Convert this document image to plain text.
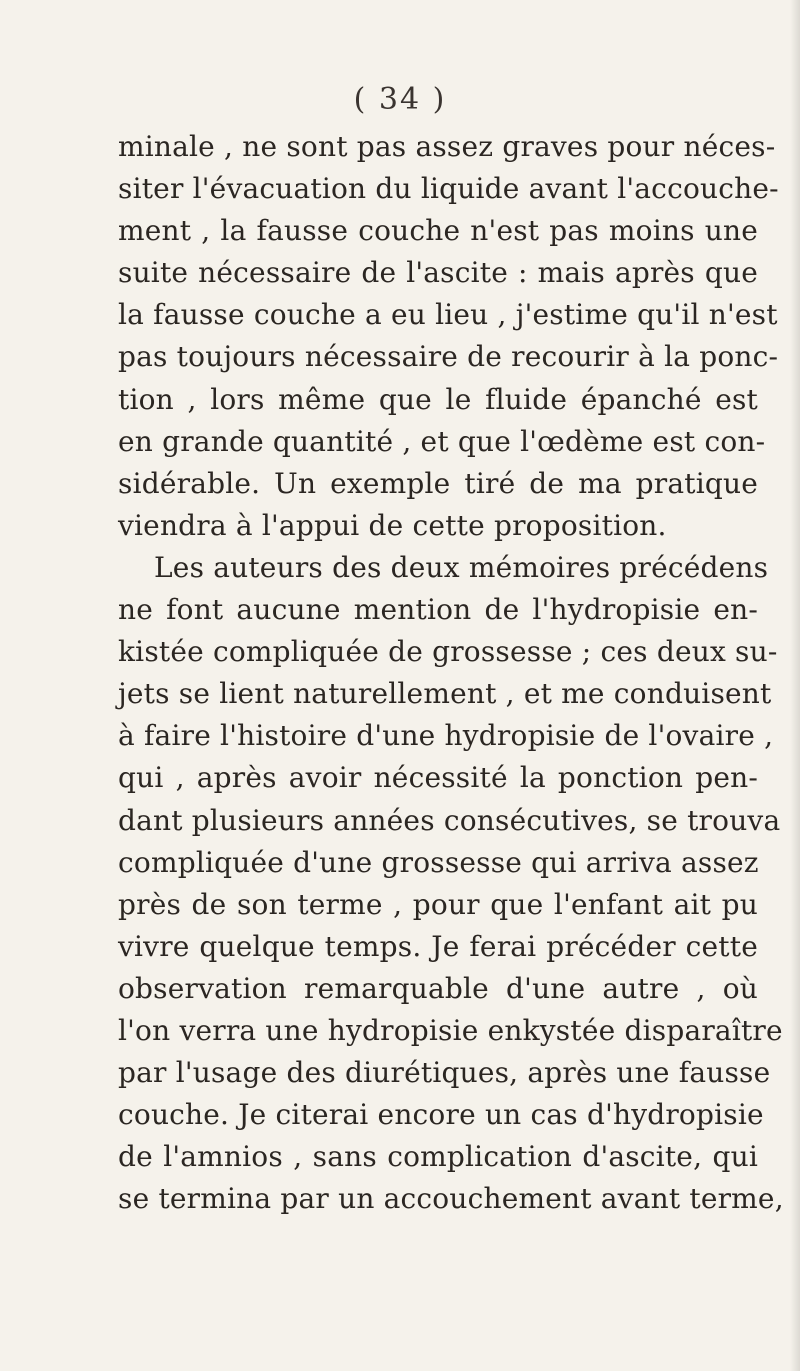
( 34 )
minale , ne sont pas assez graves pour néces-
siter l'évacuation du liquide avant l'accouche-
ment , la fausse couche n'est pas moins une
suite nécessaire de l'ascite : mais après que
la fausse couche a eu lieu , j'estime qu'il n'est
pas toujours nécessaire de recourir à la ponc-
tion , lors même que le fluide épanché est
en grande quantité , et que l'œdème est con-
sidérable. Un exemple tiré de ma pratique
viendra à l'appui de cette proposition.
Les auteurs des deux mémoires précédens
ne font aucune mention de l'hydropisie en-
kistée compliquée de grossesse ; ces deux su-
jets se lient naturellement , et me conduisent
à faire l'histoire d'une hydropisie de l'ovaire ,
qui , après avoir nécessité la ponction pen-
dant plusieurs années consécutives, se trouva
compliquée d'une grossesse qui arriva assez
près de son terme , pour que l'enfant ait pu
vivre quelque temps. Je ferai précéder cette
observation remarquable d'une autre , où
l'on verra une hydropisie enkystée disparaître
par l'usage des diurétiques, après une fausse
couche. Je citerai encore un cas d'hydropisie
de l'amnios , sans complication d'ascite, qui
se termina par un accouchement avant terme,
